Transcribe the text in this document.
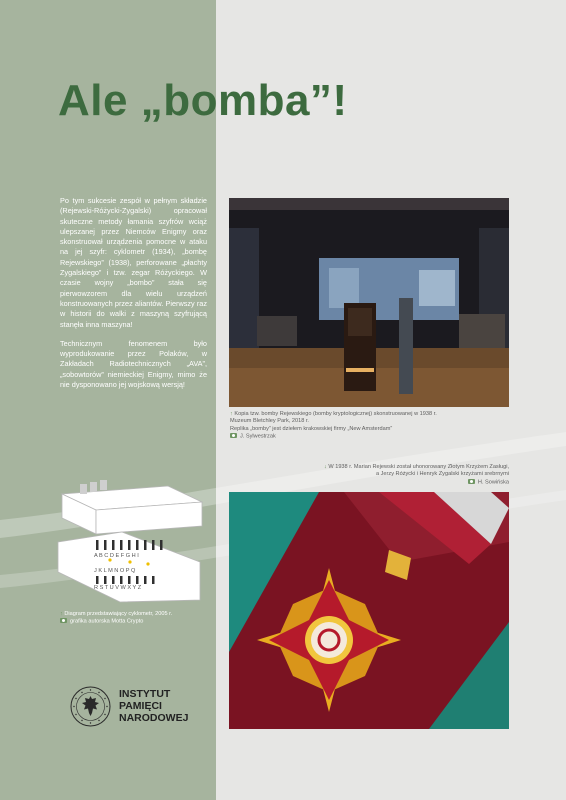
Ale „bomba”!

Po tym sukcesie zespół w pełnym składzie (Rejewski-Różycki-Zygalski) opracował skuteczne metody łamania szyfrów wciąż ulepszanej przez Niemców Enigmy oraz skonstruował urządzenia pomocne w ataku na jej szyfr: cyklometr (1934), „bombę Rejewskiego” (1938), perforowane „płachty Zygalskiego” i tzw. zegar Różyckiego. W czasie wojny „bombo” stała się pierwowzorem dla wielu urządzeń konstruowanych przez aliantów. Pierwszy raz w historii do walki z maszyną szyfrującą stanęła inna maszyna!

Technicznym fenomenem było wyprodukowanie przez Polaków, w Zakładach Radiotechnicznych „AVA”, „sobowtorów” niemieckiej Enigmy, mimo że nie dysponowano jej wojskową wersją!

↑ Kopia tzw. bomby Rejewskiego (bomby kryptologicznej) skonstruowanej w 1938 r.
Muzeum Bletchley Park, 2018 r.
Replika „bomby” jest dziełem krakowskiej firmy „New Amsterdam”
J. Sylwestrzak
↓ W 1938 r. Marian Rejewski został uhonorowany Złotym Krzyżem Zasługi,
a Jerzy Różycki i Henryk Zygalski krzyżami srebrnymi
H. Sowińska
A B C D E F G H I
J K L M N O P Q
R S T U V W X Y Z
↑ Diagram przedstawiający cyklometr, 2005 r.
grafika autorska Motta Crypto
INSTYTUT
PAMIĘCI
NARODOWEJ
